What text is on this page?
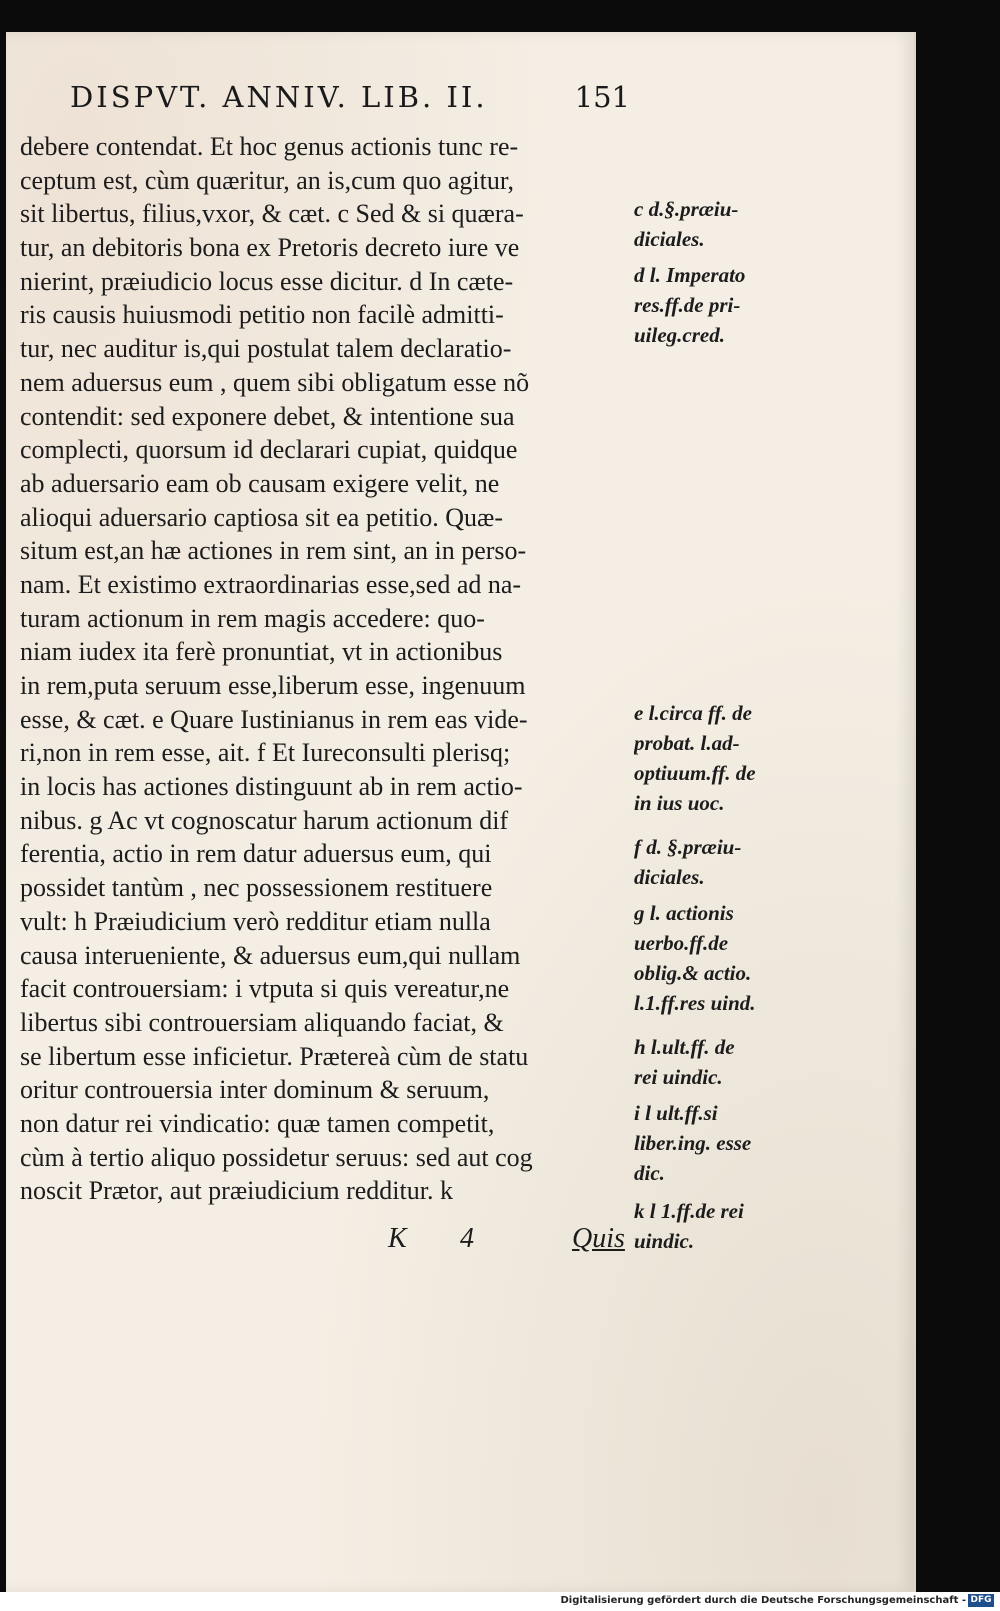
DISPVT. ANNIV. LIB. II.	151
debere contendat. Et hoc genus actionis tunc re-
ceptum est, cùm quæritur, an is,cum quo agitur,
sit libertus, filius,vxor, & cæt. c Sed & si quæra-
tur, an debitoris bona ex Pretoris decreto iure ve
nierint, præiudicio locus esse dicitur. d In cæte-
ris causis huiusmodi petitio non facilè admitti-
tur, nec auditur is,qui postulat talem declaratio-
nem aduersus eum , quem sibi obligatum esse nõ
contendit: sed exponere debet, & intentione sua
complecti, quorsum id declarari cupiat, quidque
ab aduersario eam ob causam exigere velit, ne
alioqui aduersario captiosa sit ea petitio. Quæ-
situm est,an hæ actiones in rem sint, an in perso-
nam. Et existimo extraordinarias esse,sed ad na-
turam actionum in rem magis accedere: quo-
niam iudex ita ferè pronuntiat, vt in actionibus
in rem,puta seruum esse,liberum esse, ingenuum
esse, & cæt. e Quare Iustinianus in rem eas vide-
ri,non in rem esse, ait. f Et Iureconsulti plerisq;
in locis has actiones distinguunt ab in rem actio-
nibus. g Ac vt cognoscatur harum actionum dif
ferentia, actio in rem datur aduersus eum, qui
possidet tantùm , nec possessionem restituere
vult: h Præiudicium verò redditur etiam nulla
causa interueniente, & aduersus eum,qui nullam
facit controuersiam: i vtputa si quis vereatur,ne
libertus sibi controuersiam aliquando faciat, &
se libertum esse inficietur. Prætereà cùm de statu
oritur controuersia inter dominum & seruum,
non datur rei vindicatio: quæ tamen competit,
cùm à tertio aliquo possidetur seruus: sed aut cog
noscit Prætor, aut præiudicium redditur. k
K 4	Quis
c d.§.præiu-
diciales.
d l. Imperato
res.ff.de pri-
uileg.cred.
e l.circa ff. de
probat. l.ad-
optiuum.ff. de
in ius uoc.
f d. §.præiu-
diciales.
g l. actionis
uerbo.ff.de
oblig.& actio.
l.1.ff.res uind.
h l.ult.ff. de
rei uindic.
i l ult.ff.si
liber.ing. esse
dic.
k l 1.ff.de rei
uindic.
Digitalisierung gefördert durch die Deutsche Forschungsgemeinschaft - DFG
